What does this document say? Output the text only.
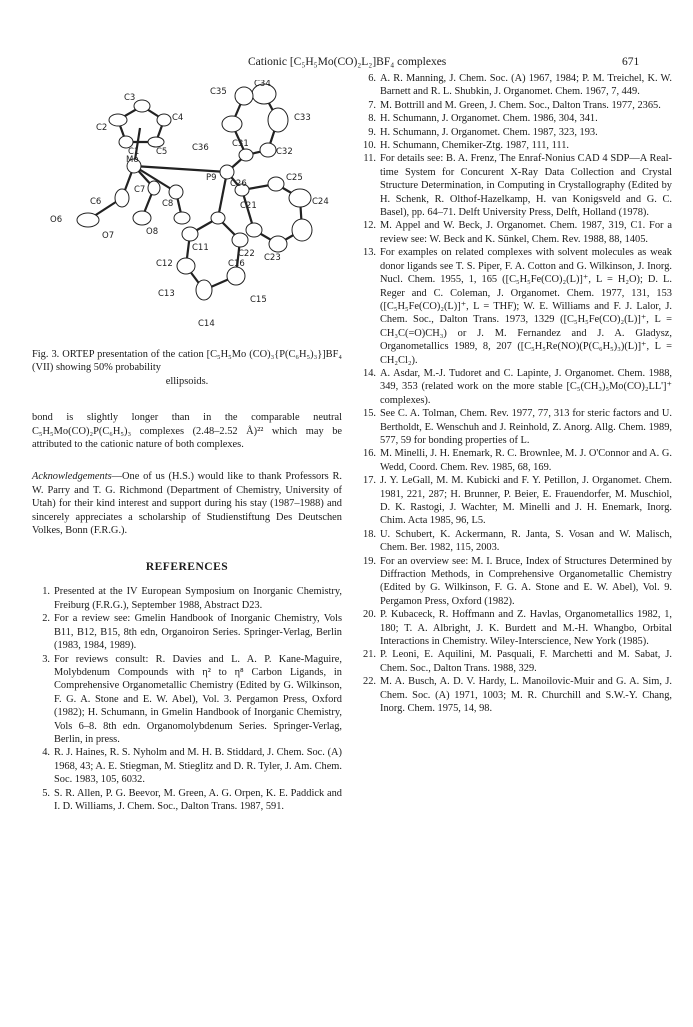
Cationic [C₅H₅Mo(CO)₂L₂]BF₄ complexes	671
C3
C34
C35
C4	C33
C2
C1 C5	C36	C31
C32
Mo
P9
C26
C25
C24
C6
C7
C8	C21
O6
O7	O8
C11
C22 C23
C16
C12
C15
C13
C14
Fig. 3. ORTEP presentation of the cation [C₅H₅Mo (CO)₃{P(C₆H₅)₃}]BF₄ (VII) showing 50% probability
ellipsoids.

bond is slightly longer than in the comparable neutral C₅H₅Mo(CO)₂P(C₆H₅)₃ complexes (2.48–2.52 Å)²² which may be attributed to the cationic nature of both complexes.

Acknowledgements—One of us (H.S.) would like to thank Professors R. W. Parry and T. G. Richmond (Department of Chemistry, University of Utah) for their kind interest and support during his stay (1987–1988) and sincerely appreciates a scholarship of Studienstiftung Des Deutschen Volkes, Bonn (F.R.G.).

REFERENCES
1. Presented at the IV European Symposium on Inorganic Chemistry, Freiburg (F.R.G.), September 1988, Abstract D23.
2. For a review see: Gmelin Handbook of Inorganic Chemistry, Vols B11, B12, B15, 8th edn, Organoiron Series. Springer-Verlag, Berlin (1983, 1984, 1989).
3. For reviews consult: R. Davies and L. A. P. Kane-Maguire, Molybdenum Compounds with η² to η⁸ Carbon Ligands, in Comprehensive Organometallic Chemistry (Edited by G. Wilkinson, F. G. A. Stone and E. W. Abel), Vol. 3. Pergamon Press, Oxford (1982); H. Schumann, in Gmelin Handbook of Inorganic Chemistry, Vols 6–8. 8th edn. Organomolybdenum Series. Springer-Verlag, Berlin, in press.
4. R. J. Haines, R. S. Nyholm and M. H. B. Stiddard, J. Chem. Soc. (A) 1968, 43; A. E. Stiegman, M. Stieglitz and D. R. Tyler, J. Am. Chem. Soc. 1983, 105, 6032.
5. S. R. Allen, P. G. Beevor, M. Green, A. G. Orpen, K. E. Paddick and I. D. Williams, J. Chem. Soc., Dalton Trans. 1987, 591.
6. A. R. Manning, J. Chem. Soc. (A) 1967, 1984; P. M. Treichel, K. W. Barnett and R. L. Shubkin, J. Organomet. Chem. 1967, 7, 449.
7. M. Bottrill and M. Green, J. Chem. Soc., Dalton Trans. 1977, 2365.
8. H. Schumann, J. Organomet. Chem. 1986, 304, 341.
9. H. Schumann, J. Organomet. Chem. 1987, 323, 193.
10. H. Schumann, Chemiker-Ztg. 1987, 111, 111.
11. For details see: B. A. Frenz, The Enraf-Nonius CAD 4 SDP—A Real-time System for Concurent X-Ray Data Collection and Crystal Structure Determination, in Computing in Crystallography (Edited by H. Schenk, R. Olthof-Hazelkamp, H. van Konigsveld and G. C. Basel), pp. 64–71. Delft University Press, Delft, Holland (1978).
12. M. Appel and W. Beck, J. Organomet. Chem. 1987, 319, C1. For a review see: W. Beck and K. Sünkel, Chem. Rev. 1988, 88, 1405.
13. For examples on related complexes with solvent molecules as weak donor ligands see T. S. Piper, F. A. Cotton and G. Wilkinson, J. Inorg. Nucl. Chem. 1955, 1, 165 ([C₅H₅Fe(CO)₂(L)]⁺, L = H₂O); D. L. Reger and C. Coleman, J. Organomet. Chem. 1977, 131, 153 ([C₅H₅Fe(CO)₂(L)]⁺, L = THF); W. E. Williams and F. J. Lalor, J. Chem. Soc., Dalton Trans. 1973, 1329 ([C₅H₅Fe(CO)₂(L)]⁺, L = CH₃C(=O)CH₃) or J. M. Fernandez and J. A. Gladysz, Organometallics 1989, 8, 207 ([C₅H₅Re(NO)(P(C₆H₅)₃)(L)]⁺, L = CH₂Cl₂).
14. A. Asdar, M.-J. Tudoret and C. Lapinte, J. Organomet. Chem. 1988, 349, 353 (related work on the more stable [C₅(CH₃)₅Mo(CO)₂LL']⁺ complexes).
15. See C. A. Tolman, Chem. Rev. 1977, 77, 313 for steric factors and U. Bertholdt, E. Wenschuh and J. Reinhold, Z. Anorg. Allg. Chem. 1989, 577, 59 for bonding properties of L.
16. M. Minelli, J. H. Enemark, R. C. Brownlee, M. J. O'Connor and A. G. Wedd, Coord. Chem. Rev. 1985, 68, 169.
17. J. Y. LeGall, M. M. Kubicki and F. Y. Petillon, J. Organomet. Chem. 1981, 221, 287; H. Brunner, P. Beier, E. Frauendorfer, M. Muschiol, D. K. Rastogi, J. Wachter, M. Minelli and J. H. Enemark, Inorg. Chim. Acta 1985, 96, L5.
18. U. Schubert, K. Ackermann, R. Janta, S. Vosan and W. Malisch, Chem. Ber. 1982, 115, 2003.
19. For an overview see: M. I. Bruce, Index of Structures Determined by Diffraction Methods, in Comprehensive Organometallic Chemistry (Edited by G. Wilkinson, F. G. A. Stone and E. W. Abel), Vol. 9. Pergamon Press, Oxford (1982).
20. P. Kubaceck, R. Hoffmann and Z. Havlas, Organometallics 1982, 1, 180; T. A. Albright, J. K. Burdett and M.-H. Whangbo, Orbital Interactions in Chemistry. Wiley-Interscience, New York (1985).
21. P. Leoni, E. Aquilini, M. Pasquali, F. Marchetti and M. Sabat, J. Chem. Soc., Dalton Trans. 1988, 329.
22. M. A. Busch, A. D. V. Hardy, L. Manoilovic-Muir and G. A. Sim, J. Chem. Soc. (A) 1971, 1003; M. R. Churchill and S.W.-Y. Chang, Inorg. Chem. 1975, 14, 98.
